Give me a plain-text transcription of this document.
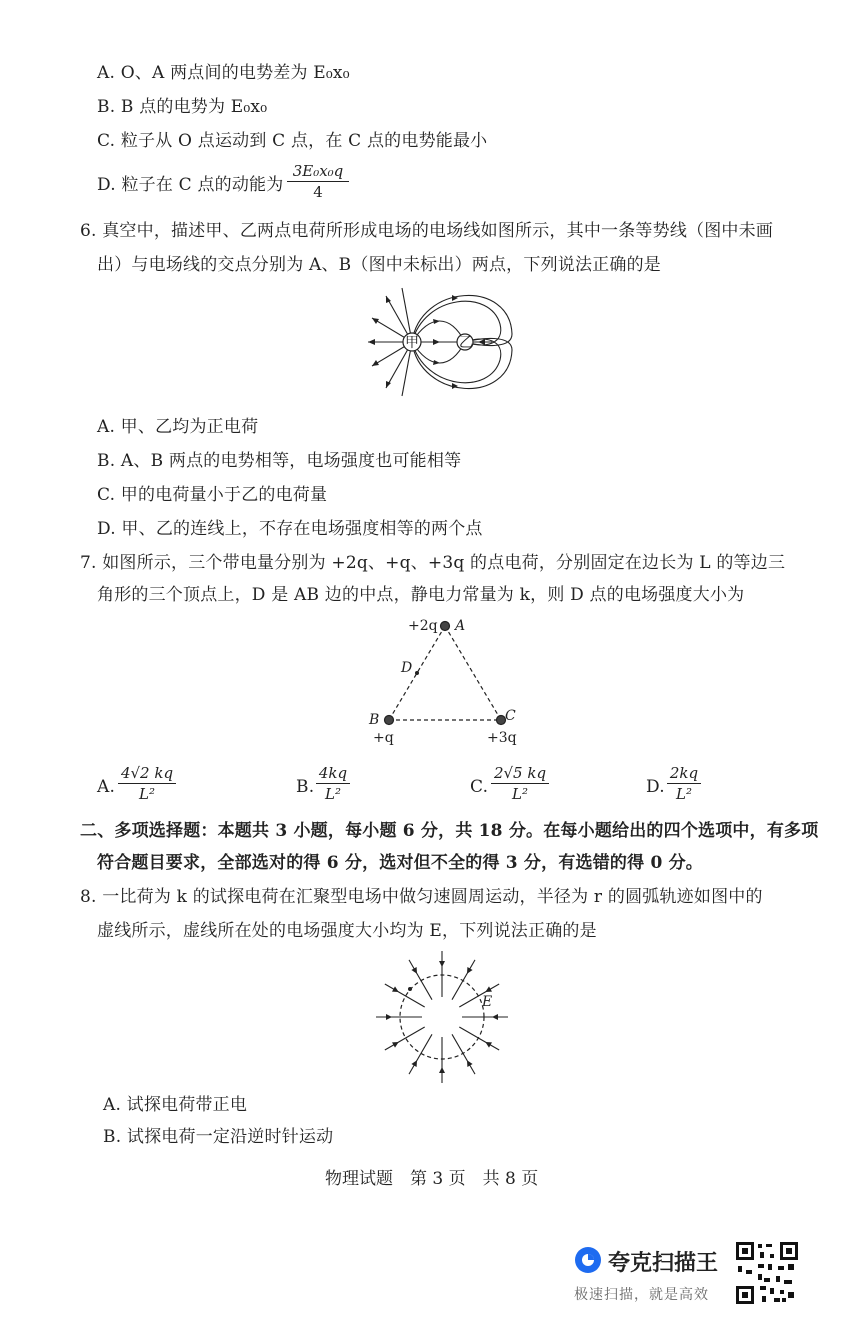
A. O、A 两点间的电势差为 E₀x₀
B. B 点的电势为 E₀x₀
C. 粒子从 O 点运动到 C 点，在 C 点的电势能最小
D. 粒子在 C 点的动能为
3E₀x₀q
4
6. 真空中，描述甲、乙两点电荷所形成电场的电场线如图所示，其中一条等势线（图中未画
出）与电场线的交点分别为 A、B（图中未标出）两点，下列说法正确的是
甲	乙
A. 甲、乙均为正电荷
B. A、B 两点的电势相等，电场强度也可能相等
C. 甲的电荷量小于乙的电荷量
D. 甲、乙的连线上，不存在电场强度相等的两个点
7. 如图所示，三个带电量分别为 +2q、+q、+3q 的点电荷，分别固定在边长为 L 的等边三
角形的三个顶点上，D 是 AB 边的中点，静电力常量为 k，则 D 点的电场强度大小为
+2q A
D
B
+q
C
+3q
A.
4√2 kq
L²	B.
4kq
L²	C.
2√5 kq
L²	D.
2kq
L²
二、多项选择题：本题共 3 小题，每小题 6 分，共 18 分。在每小题给出的四个选项中，有多项
符合题目要求，全部选对的得 6 分，选对但不全的得 3 分，有选错的得 0 分。
8. 一比荷为 k 的试探电荷在汇聚型电场中做匀速圆周运动，半径为 r 的圆弧轨迹如图中的
虚线所示，虚线所在处的电场强度大小均为 E，下列说法正确的是
E
A. 试探电荷带正电
B. 试探电荷一定沿逆时针运动
物理试题　第 3 页　共 8 页
夸克扫描王
极速扫描，就是高效
